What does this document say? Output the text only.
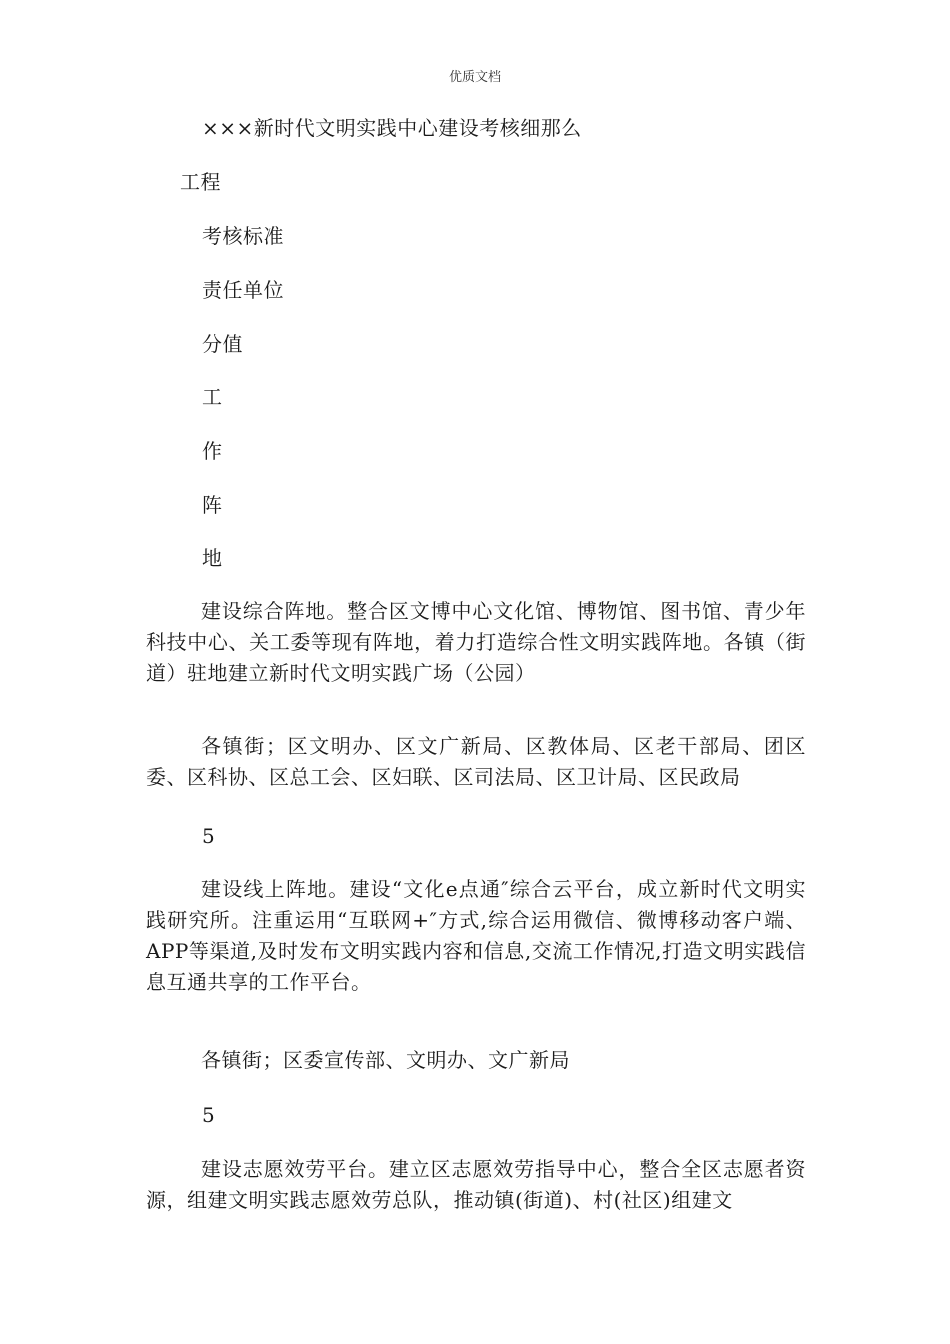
优质文档
×××新时代文明实践中心建设考核细那么
工程
考核标准
责任单位
分值
工
作
阵
地
建设综合阵地。整合区文博中心文化馆、博物馆、图书馆、青少年科技中心、关工委等现有阵地，着力打造综合性文明实践阵地。各镇（街道）驻地建立新时代文明实践广场（公园）
各镇街；区文明办、区文广新局、区教体局、区老干部局、团区委、区科协、区总工会、区妇联、区司法局、区卫计局、区民政局
5
建设线上阵地。建设“文化e点通″综合云平台，成立新时代文明实践研究所。注重运用“互联网+″方式,综合运用微信、微博移动客户端、APP等渠道,及时发布文明实践内容和信息,交流工作情况,打造文明实践信息互通共享的工作平台。
各镇街；区委宣传部、文明办、文广新局
5
建设志愿效劳平台。建立区志愿效劳指导中心，整合全区志愿者资源，组建文明实践志愿效劳总队，推动镇(街道)、村(社区)组建文
